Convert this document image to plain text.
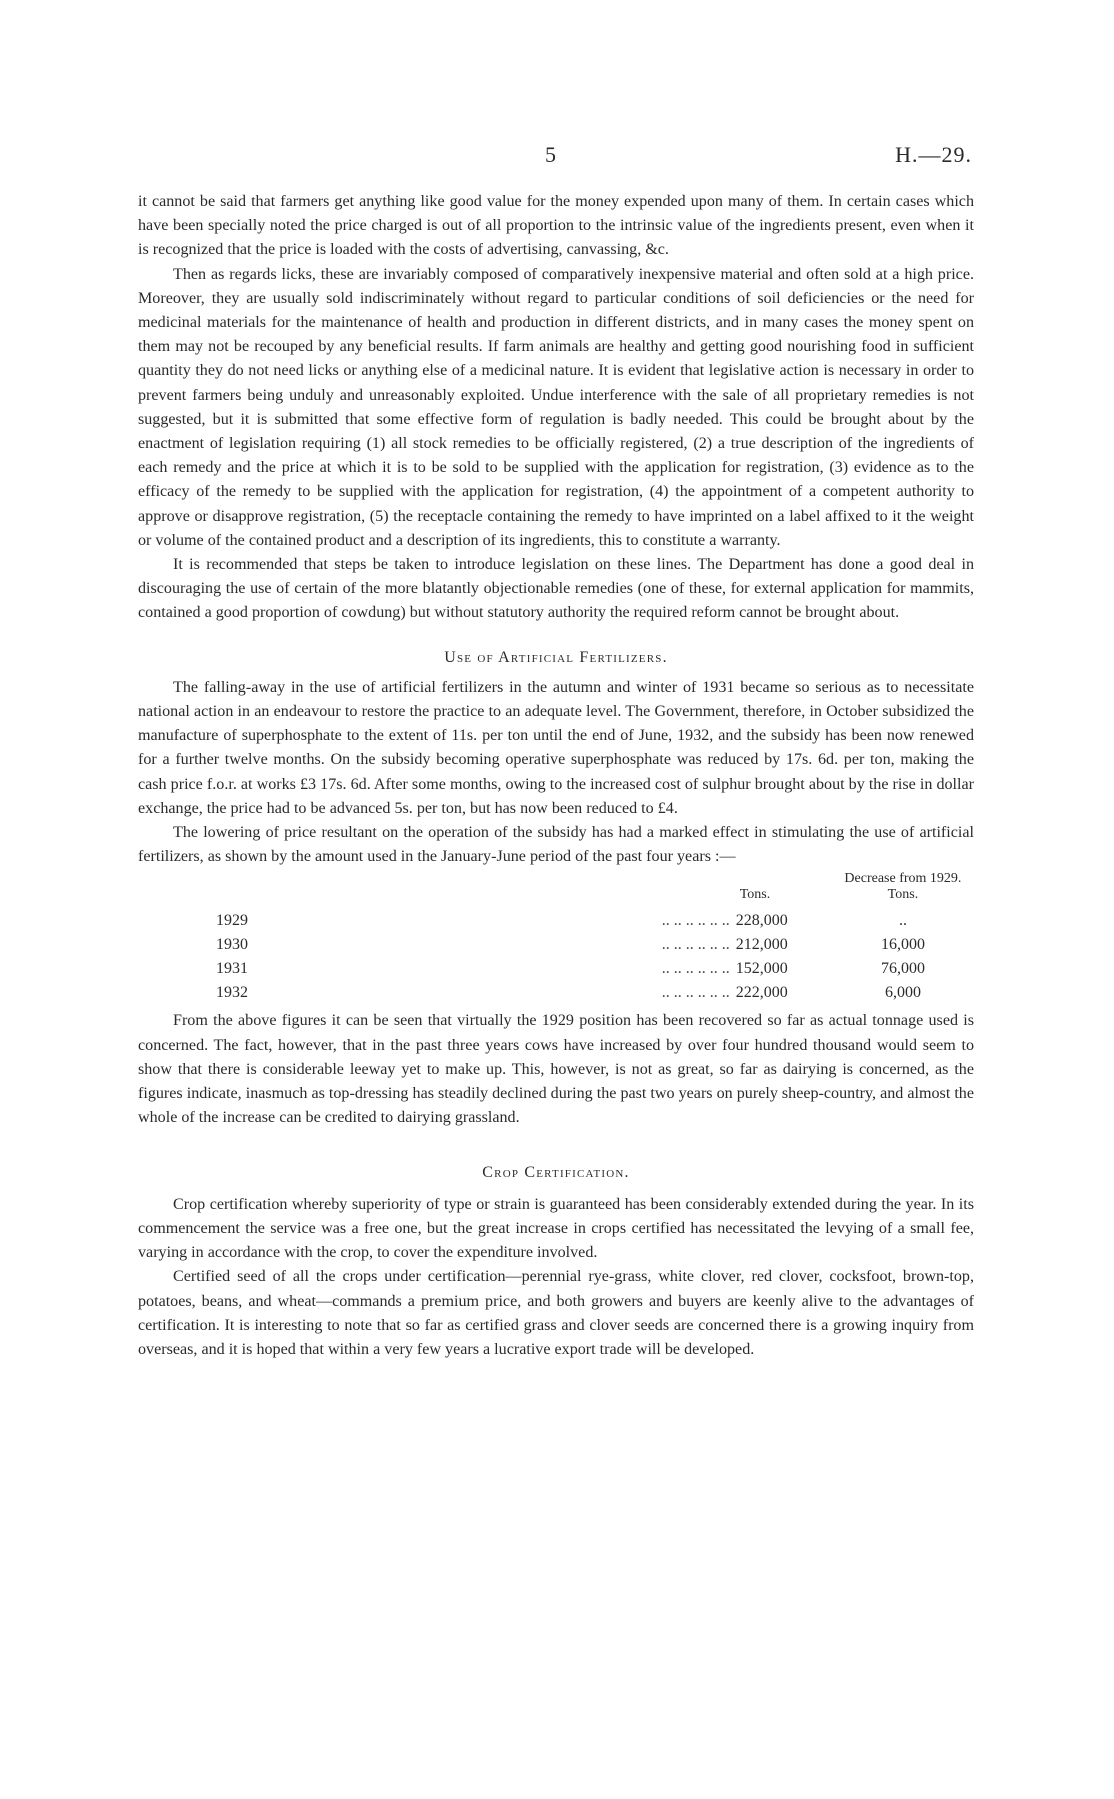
5	H.—29.

it cannot be said that farmers get anything like good value for the money expended upon many of them. In certain cases which have been specially noted the price charged is out of all proportion to the intrinsic value of the ingredients present, even when it is recognized that the price is loaded with the costs of advertising, canvassing, &c.

Then as regards licks, these are invariably composed of comparatively inexpensive material and often sold at a high price. Moreover, they are usually sold indiscriminately without regard to particular conditions of soil deficiencies or the need for medicinal materials for the maintenance of health and production in different districts, and in many cases the money spent on them may not be recouped by any beneficial results. If farm animals are healthy and getting good nourishing food in sufficient quantity they do not need licks or anything else of a medicinal nature. It is evident that legislative action is necessary in order to prevent farmers being unduly and unreasonably exploited. Undue interference with the sale of all proprietary remedies is not suggested, but it is submitted that some effective form of regulation is badly needed. This could be brought about by the enactment of legislation requiring (1) all stock remedies to be officially registered, (2) a true description of the ingredients of each remedy and the price at which it is to be sold to be supplied with the application for registration, (3) evidence as to the efficacy of the remedy to be supplied with the application for registration, (4) the appointment of a competent authority to approve or disapprove registration, (5) the receptacle containing the remedy to have imprinted on a label affixed to it the weight or volume of the contained product and a description of its ingredients, this to constitute a warranty.

It is recommended that steps be taken to introduce legislation on these lines. The Department has done a good deal in discouraging the use of certain of the more blatantly objectionable remedies (one of these, for external application for mammits, contained a good proportion of cowdung) but without statutory authority the required reform cannot be brought about.

Use of Artificial Fertilizers.

The falling-away in the use of artificial fertilizers in the autumn and winter of 1931 became so serious as to necessitate national action in an endeavour to restore the practice to an adequate level. The Government, therefore, in October subsidized the manufacture of superphosphate to the extent of 11s. per ton until the end of June, 1932, and the subsidy has been now renewed for a further twelve months. On the subsidy becoming operative superphosphate was reduced by 17s. 6d. per ton, making the cash price f.o.r. at works £3 17s. 6d. After some months, owing to the increased cost of sulphur brought about by the rise in dollar exchange, the price had to be advanced 5s. per ton, but has now been reduced to £4.

The lowering of price resultant on the operation of the subsidy has had a marked effect in stimulating the use of artificial fertilizers, as shown by the amount used in the January-June period of the past four years :—

		Tons.	Decrease from 1929.
Tons.

1929	.. .. .. .. .. ..	228,000	..
1930	.. .. .. .. .. ..	212,000	16,000
1931	.. .. .. .. .. ..	152,000	76,000
1932	.. .. .. .. .. ..	222,000	6,000

From the above figures it can be seen that virtually the 1929 position has been recovered so far as actual tonnage used is concerned. The fact, however, that in the past three years cows have increased by over four hundred thousand would seem to show that there is considerable leeway yet to make up. This, however, is not as great, so far as dairying is concerned, as the figures indicate, inasmuch as top-dressing has steadily declined during the past two years on purely sheep-country, and almost the whole of the increase can be credited to dairying grassland.

Crop Certification.

Crop certification whereby superiority of type or strain is guaranteed has been considerably extended during the year. In its commencement the service was a free one, but the great increase in crops certified has necessitated the levying of a small fee, varying in accordance with the crop, to cover the expenditure involved.

Certified seed of all the crops under certification—perennial rye-grass, white clover, red clover, cocksfoot, brown-top, potatoes, beans, and wheat—commands a premium price, and both growers and buyers are keenly alive to the advantages of certification. It is interesting to note that so far as certified grass and clover seeds are concerned there is a growing inquiry from overseas, and it is hoped that within a very few years a lucrative export trade will be developed.
